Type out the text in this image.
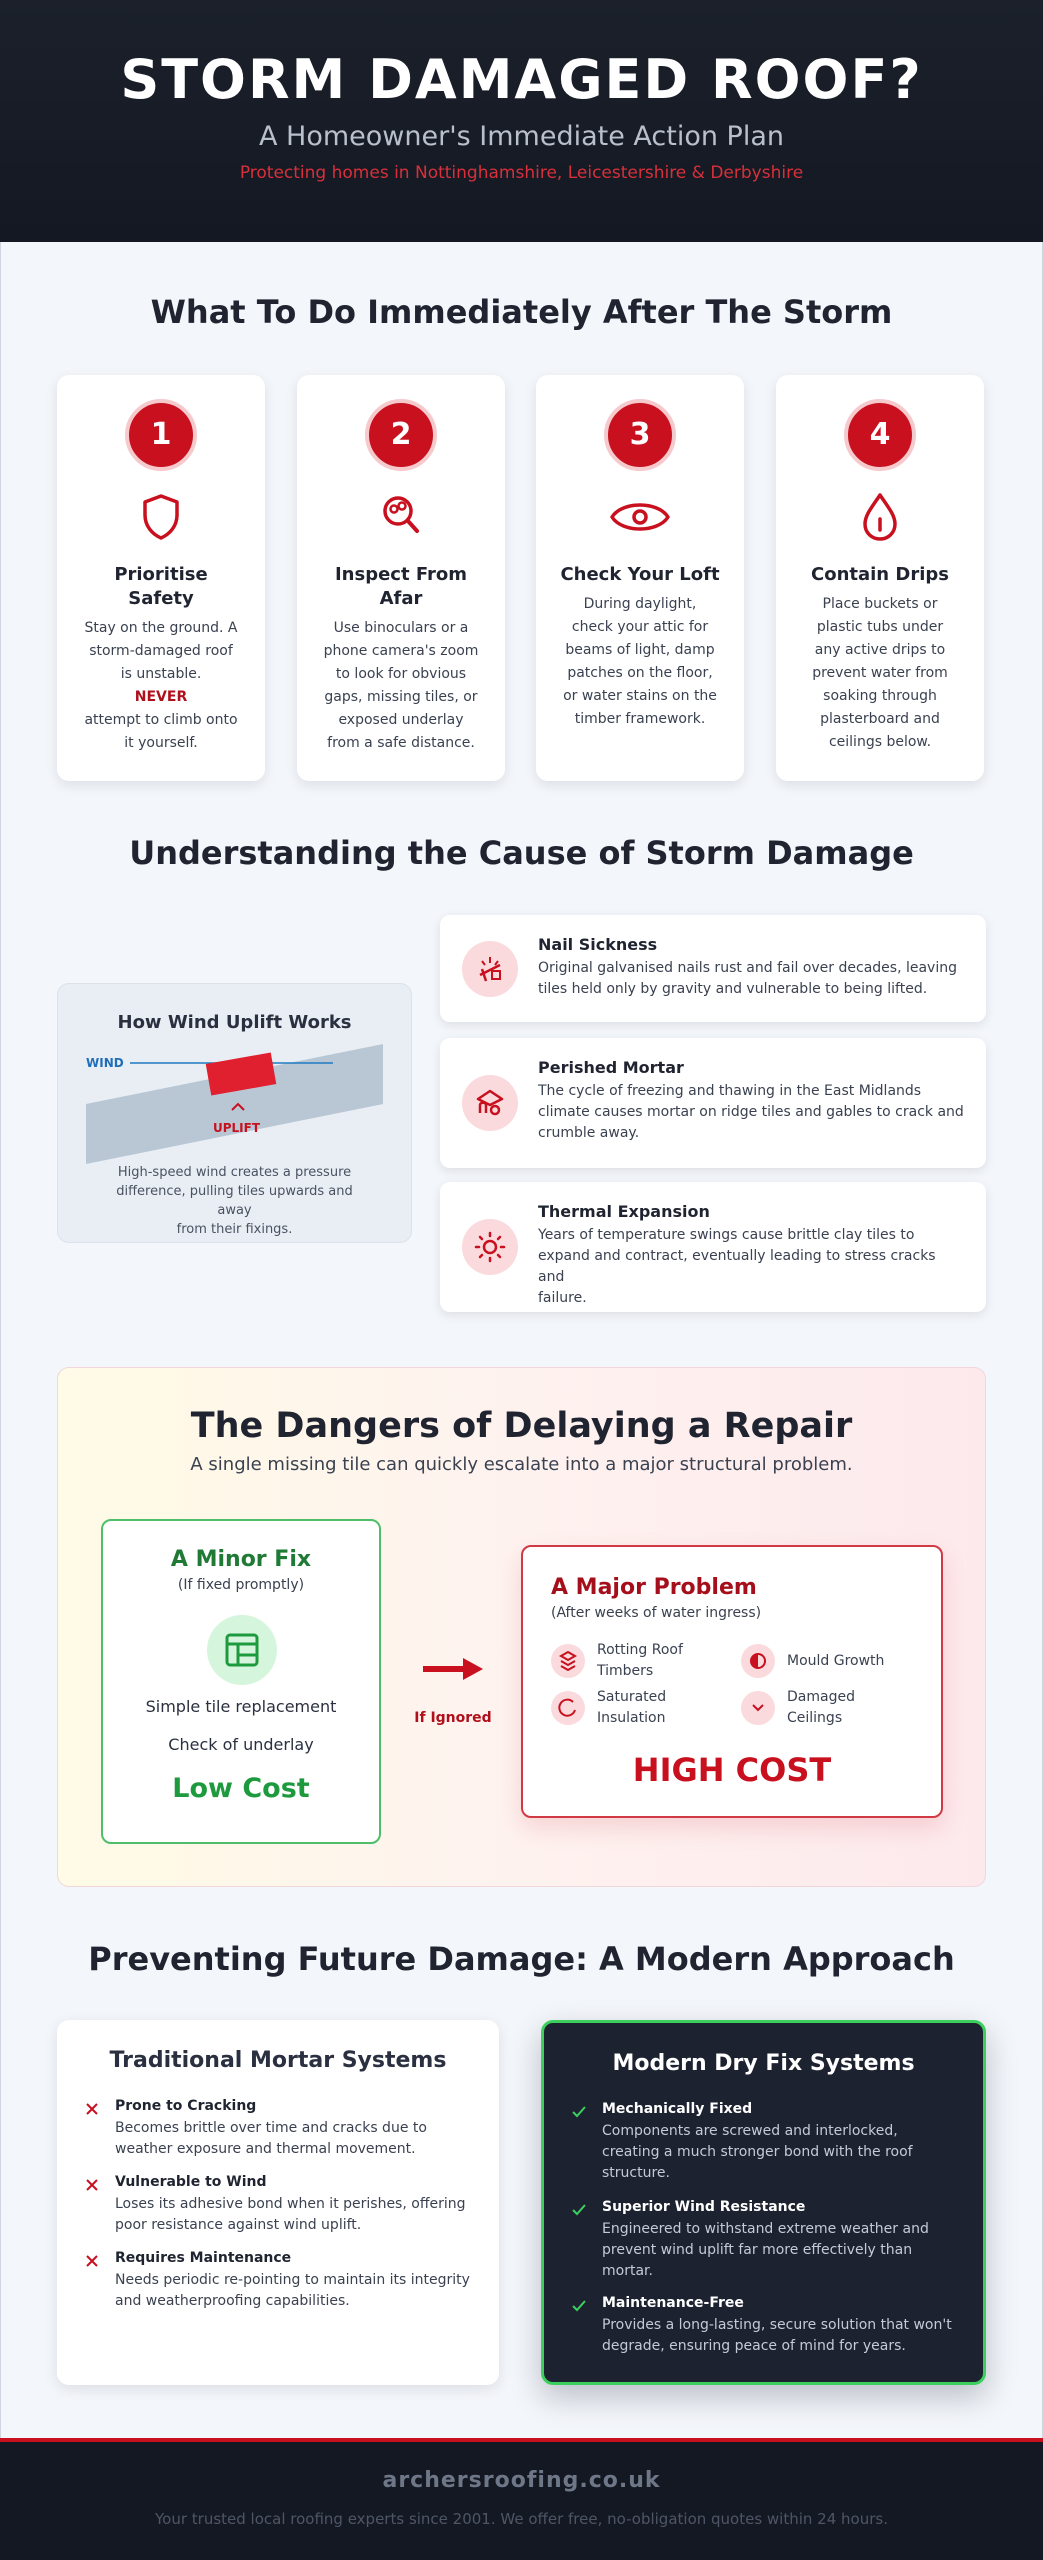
STORM DAMAGED ROOF?
A Homeowner's Immediate Action Plan
Protecting homes in Nottinghamshire, Leicestershire & Derbyshire
What To Do Immediately After The Storm
1
Prioritise
Safety
Stay on the ground. A
storm-damaged roof
is unstable.
NEVER
attempt to climb onto
it yourself.
2
Inspect From
Afar
Use binoculars or a
phone camera's zoom
to look for obvious
gaps, missing tiles, or
exposed underlay
from a safe distance.
3
Check Your Loft
During daylight,
check your attic for
beams of light, damp
patches on the floor,
or water stains on the
timber framework.
4
Contain Drips
Place buckets or
plastic tubs under
any active drips to
prevent water from
soaking through
plasterboard and
ceilings below.
Understanding the Cause of Storm Damage
How Wind Uplift Works
WIND
UPLIFT
High-speed wind creates a pressure
difference, pulling tiles upwards and away
from their fixings.
Nail Sickness
Original galvanised nails rust and fail over decades, leaving
tiles held only by gravity and vulnerable to being lifted.
Perished Mortar
The cycle of freezing and thawing in the East Midlands
climate causes mortar on ridge tiles and gables to crack and
crumble away.
Thermal Expansion
Years of temperature swings cause brittle clay tiles to
expand and contract, eventually leading to stress cracks and
failure.
The Dangers of Delaying a Repair
A single missing tile can quickly escalate into a major structural problem.
A Minor Fix
(If fixed promptly)
Simple tile replacement
Check of underlay
Low Cost
If Ignored
A Major Problem
(After weeks of water ingress)
Rotting Roof
Timbers
Mould Growth
Saturated
Insulation
Damaged
Ceilings
HIGH COST
Preventing Future Damage: A Modern Approach
Traditional Mortar Systems
Prone to Cracking
Becomes brittle over time and cracks due to
weather exposure and thermal movement.
Vulnerable to Wind
Loses its adhesive bond when it perishes, offering
poor resistance against wind uplift.
Requires Maintenance
Needs periodic re-pointing to maintain its integrity
and weatherproofing capabilities.
Modern Dry Fix Systems
Mechanically Fixed
Components are screwed and interlocked,
creating a much stronger bond with the roof
structure.
Superior Wind Resistance
Engineered to withstand extreme weather and
prevent wind uplift far more effectively than
mortar.
Maintenance-Free
Provides a long-lasting, secure solution that won't
degrade, ensuring peace of mind for years.
archersroofing.co.uk
Your trusted local roofing experts since 2001. We offer free, no-obligation quotes within 24 hours.
